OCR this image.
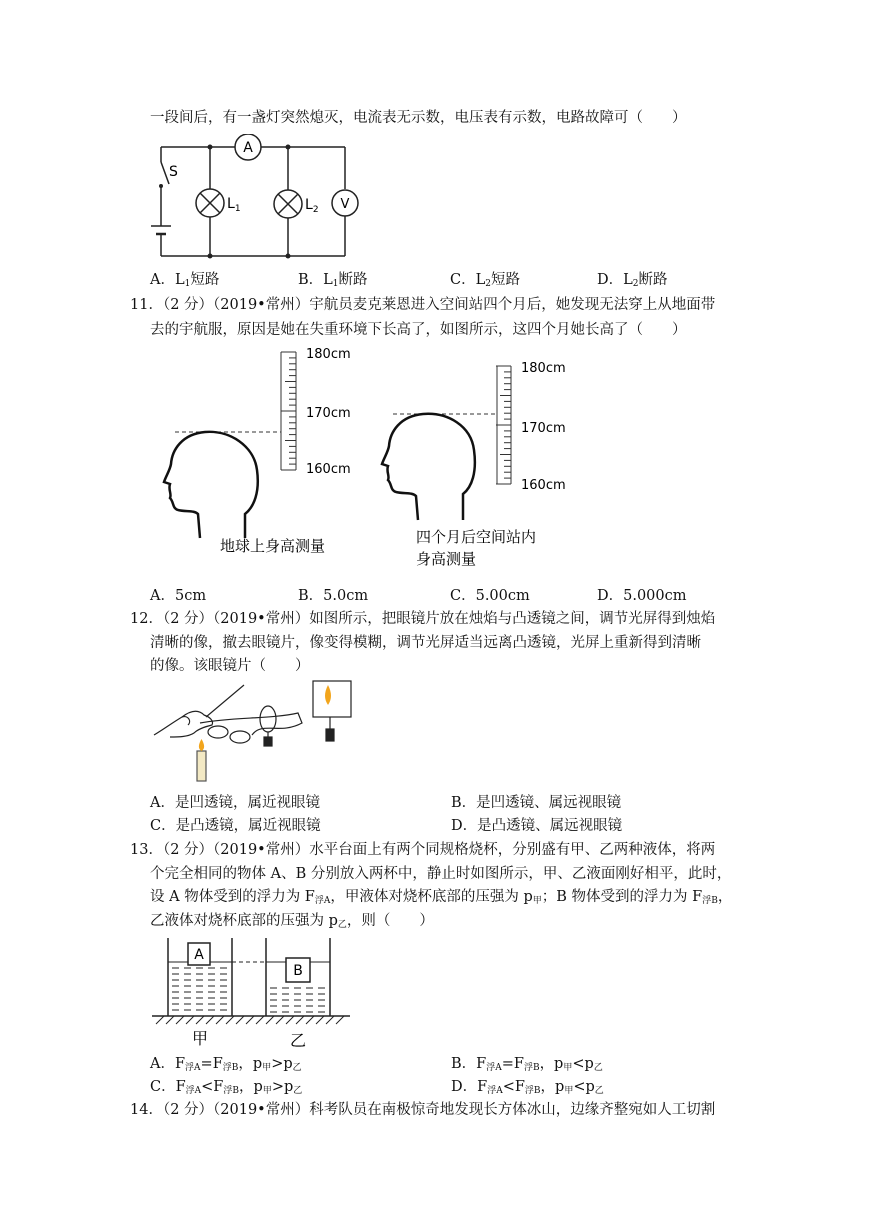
一段间后，有一盏灯突然熄灭，电流表无示数，电压表有示数，电路故障可（　　）
A
$L_1$	$L_2$ V
S
A．$L_1$短路	B．$L_1$断路	C．$L_2$短路	D．$L_2$断路
11．（2 分）（2019•常州）宇航员麦克莱恩进入空间站四个月后，她发现无法穿上从地面带
去的宇航服，原因是她在失重环境下长高了，如图所示，这四个月她长高了（　　）
180cm
170cm
160cm
地球上身高测量
180cm
170cm
160cm
四个月后空间站内
身高测量
A．5cm	B．5.0cm	C．5.00cm	D．5.000cm
12．（2 分）（2019•常州）如图所示，把眼镜片放在烛焰与凸透镜之间，调节光屏得到烛焰
清晰的像，撤去眼镜片，像变得模糊，调节光屏适当远离凸透镜，光屏上重新得到清晰
的像。该眼镜片（　　）
A．是凹透镜，属近视眼镜	B．是凹透镜、属远视眼镜
C．是凸透镜，属近视眼镜	D．是凸透镜、属远视眼镜
13．（2 分）（2019•常州）水平台面上有两个同规格烧杯，分别盛有甲、乙两种液体，将两
个完全相同的物体 A、B 分别放入两杯中，静止时如图所示，甲、乙液面刚好相平，此时，
设 A 物体受到的浮力为 $F_{浮A}$，甲液体对烧杯底部的压强为 $p_甲$；B 物体受到的浮力为 $F_{浮B}$，
乙液体对烧杯底部的压强为 $p_乙$，则（　　）
A
B
甲	乙
A．$F_{浮A}=F_{浮B}$，$p_甲>p_乙$	B．$F_{浮A}=F_{浮B}$，$p_甲<p_乙$
C．$F_{浮A}<F_{浮B}$，$p_甲>p_乙$	D．$F_{浮A}<F_{浮B}$，$p_甲<p_乙$
14．（2 分）（2019•常州）科考队员在南极惊奇地发现长方体冰山，边缘齐整宛如人工切割
